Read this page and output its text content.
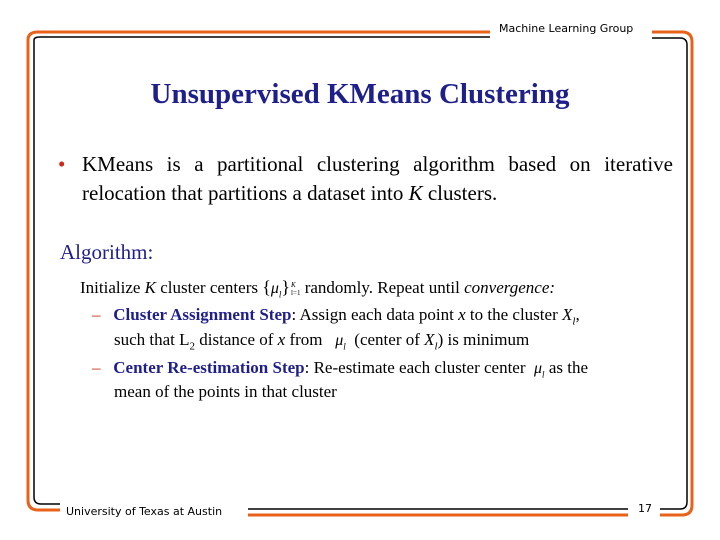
Machine Learning Group
Unsupervised KMeans Clustering
• KMeans is a partitional clustering algorithm based on iterative relocation that partitions a dataset into K clusters.
Algorithm:
Initialize K cluster centers $\{\mu_l\}$ K
l=1 randomly. Repeat until convergence:
– Cluster Assignment Step: Assign each data point x to the cluster $X_l$,
such that $L_2$ distance of x from   $\mu_l$  (center of $X_l$) is minimum
– Center Re-estimation Step: Re-estimate each cluster center  $\mu_l$ as the
mean of the points in that cluster
University of Texas at Austin	17
